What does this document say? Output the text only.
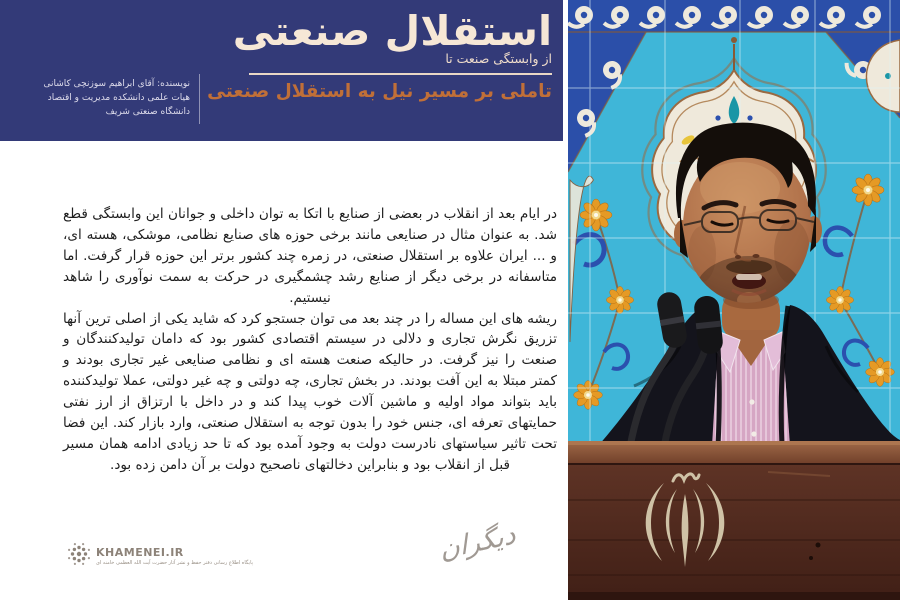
نویسنده: آقای ابراهیم سوزنچی کاشانی
هیات علمی دانشکده مدیریت و اقتصاد
دانشگاه صنعتی شریف
استقلال صنعتی
از وابستگی صنعت تا
تاملی بر مسیر نیل به استقلال صنعتی

در ایام بعد از انقلاب در بعضی از صنایع با اتکا به توان داخلی و جوانان این وابستگی قطع شد. به عنوان مثال در صنایعی مانند برخی حوزه های صنایع نظامی، موشکی، هسته ای، و ... ایران علاوه بر استقلال صنعتی، در زمره چند کشور برتر این حوزه قرار گرفت. اما متاسفانه در برخی دیگر از صنایع رشد چشمگیری در حرکت به سمت نوآوری را شاهد نیستیم.

ریشه های این مساله را در چند بعد می توان جستجو کرد که شاید یکی از اصلی ترین آنها تزریق نگرش تجاری و دلالی در سیستم اقتصادی کشور بود که دامان تولیدکنندگان و صنعت را نیز گرفت. در حالیکه صنعت هسته ای و نظامی صنایعی غیر تجاری بودند و کمتر مبتلا به این آفت بودند. در بخش تجاری، چه دولتی و چه غیر دولتی، عملا تولیدکننده باید بتواند مواد اولیه و ماشین آلات خوب پیدا کند و در داخل با ارتزاق از ارز نفتی حمایتهای تعرفه ای، جنس خود را بدون توجه به استقلال صنعتی، وارد بازار کند. این فضا تحت تاثیر سیاستهای نادرست دولت به وجود آمده بود که تا حد زیادی ادامه همان مسیر قبل از انقلاب بود و بنابراین دخالتهای ناصحیح دولت بر آن دامن زده بود.

KHAMENEI.IR
پایگاه اطلاع رسانی دفتر حفظ و نشر آثار حضرت آیت الله العظمی خامنه ای	دیگران
